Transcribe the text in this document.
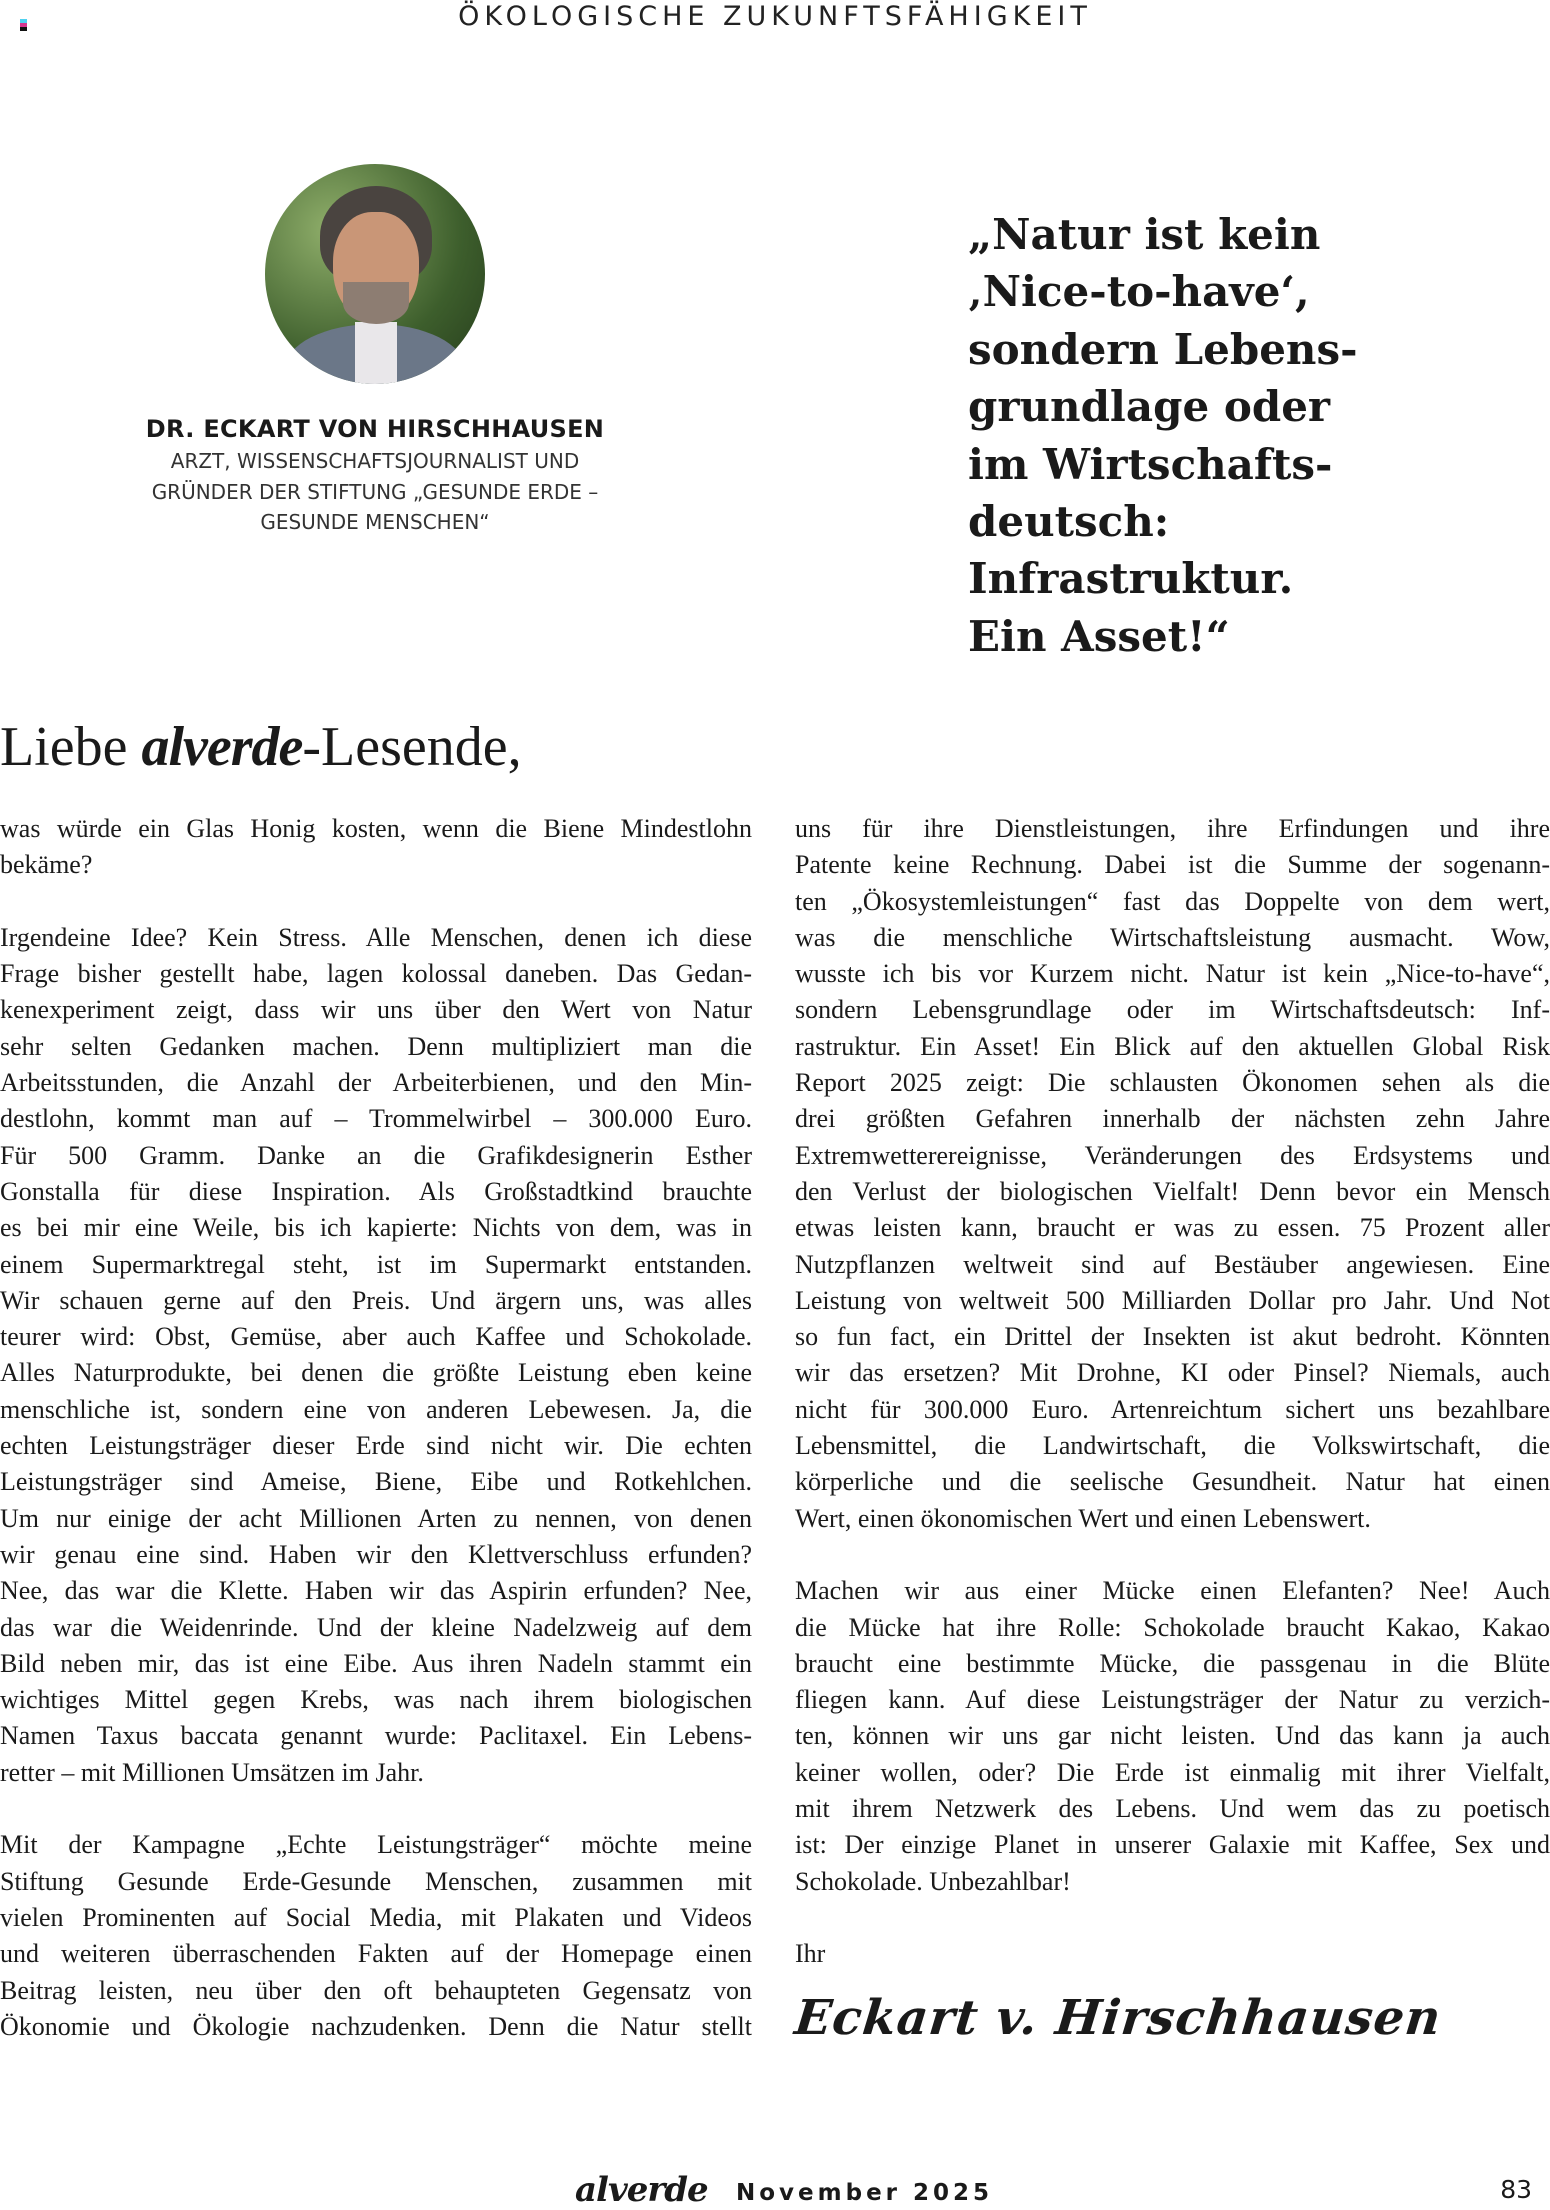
ÖKOLOGISCHE ZUKUNFTSFÄHIGKEIT
DR. ECKART VON HIRSCHHAUSEN
ARZT, WISSENSCHAFTSJOURNALIST UND
GRÜNDER DER STIFTUNG „GESUNDE ERDE –
GESUNDE MENSCHEN“
„Natur ist kein
‚Nice-to-have‘,
sondern Lebens-
grundlage oder
im Wirtschafts-
deutsch:
Infrastruktur.
Ein Asset!“
Liebe alverde-Lesende,
was würde ein Glas Honig kosten, wenn die Biene Mindestlohn
bekäme?
Irgendeine Idee? Kein Stress. Alle Menschen, denen ich diese
Frage bisher gestellt habe, lagen kolossal daneben. Das Gedan-
kenexperiment zeigt, dass wir uns über den Wert von Natur
sehr selten Gedanken machen. Denn multipliziert man die
Arbeitsstunden, die Anzahl der Arbeiterbienen, und den Min-
destlohn, kommt man auf – Trommelwirbel – 300.000 Euro.
Für 500 Gramm. Danke an die Grafikdesignerin Esther
Gonstalla für diese Inspiration. Als Großstadtkind brauchte
es bei mir eine Weile, bis ich kapierte: Nichts von dem, was in
einem Supermarktregal steht, ist im Supermarkt entstanden.
Wir schauen gerne auf den Preis. Und ärgern uns, was alles
teurer wird: Obst, Gemüse, aber auch Kaffee und Schokolade.
Alles Naturprodukte, bei denen die größte Leistung eben keine
menschliche ist, sondern eine von anderen Lebewesen. Ja, die
echten Leistungsträger dieser Erde sind nicht wir. Die echten
Leistungsträger sind Ameise, Biene, Eibe und Rotkehlchen.
Um nur einige der acht Millionen Arten zu nennen, von denen
wir genau eine sind. Haben wir den Klettverschluss erfunden?
Nee, das war die Klette. Haben wir das Aspirin erfunden? Nee,
das war die Weidenrinde. Und der kleine Nadelzweig auf dem
Bild neben mir, das ist eine Eibe. Aus ihren Nadeln stammt ein
wichtiges Mittel gegen Krebs, was nach ihrem biologischen
Namen Taxus baccata genannt wurde: Paclitaxel. Ein Lebens-
retter – mit Millionen Umsätzen im Jahr.
Mit der Kampagne „Echte Leistungsträger“ möchte meine
Stiftung Gesunde Erde-Gesunde Menschen, zusammen mit
vielen Prominenten auf Social Media, mit Plakaten und Videos
und weiteren überraschenden Fakten auf der Homepage einen
Beitrag leisten, neu über den oft behaupteten Gegensatz von
Ökonomie und Ökologie nachzudenken. Denn die Natur stellt
uns für ihre Dienstleistungen, ihre Erfindungen und ihre
Patente keine Rechnung. Dabei ist die Summe der sogenann-
ten „Ökosystemleistungen“ fast das Doppelte von dem wert,
was die menschliche Wirtschaftsleistung ausmacht. Wow,
wusste ich bis vor Kurzem nicht. Natur ist kein „Nice-to-have“,
sondern Lebensgrundlage oder im Wirtschaftsdeutsch: Inf-
rastruktur. Ein Asset! Ein Blick auf den aktuellen Global Risk
Report 2025 zeigt: Die schlausten Ökonomen sehen als die
drei größten Gefahren innerhalb der nächsten zehn Jahre
Extremwetterereignisse, Veränderungen des Erdsystems und
den Verlust der biologischen Vielfalt! Denn bevor ein Mensch
etwas leisten kann, braucht er was zu essen. 75 Prozent aller
Nutzpflanzen weltweit sind auf Bestäuber angewiesen. Eine
Leistung von weltweit 500 Milliarden Dollar pro Jahr. Und Not
so fun fact, ein Drittel der Insekten ist akut bedroht. Könnten
wir das ersetzen? Mit Drohne, KI oder Pinsel? Niemals, auch
nicht für 300.000 Euro. Artenreichtum sichert uns bezahlbare
Lebensmittel, die Landwirtschaft, die Volkswirtschaft, die
körperliche und die seelische Gesundheit. Natur hat einen
Wert, einen ökonomischen Wert und einen Lebenswert.
Machen wir aus einer Mücke einen Elefanten? Nee! Auch
die Mücke hat ihre Rolle: Schokolade braucht Kakao, Kakao
braucht eine bestimmte Mücke, die passgenau in die Blüte
fliegen kann. Auf diese Leistungsträger der Natur zu verzich-
ten, können wir uns gar nicht leisten. Und das kann ja auch
keiner wollen, oder? Die Erde ist einmalig mit ihrer Vielfalt,
mit ihrem Netzwerk des Lebens. Und wem das zu poetisch
ist: Der einzige Planet in unserer Galaxie mit Kaffee, Sex und
Schokolade. Unbezahlbar!
Ihr
Eckart v. Hirschhausen
alverde November 2025	83
